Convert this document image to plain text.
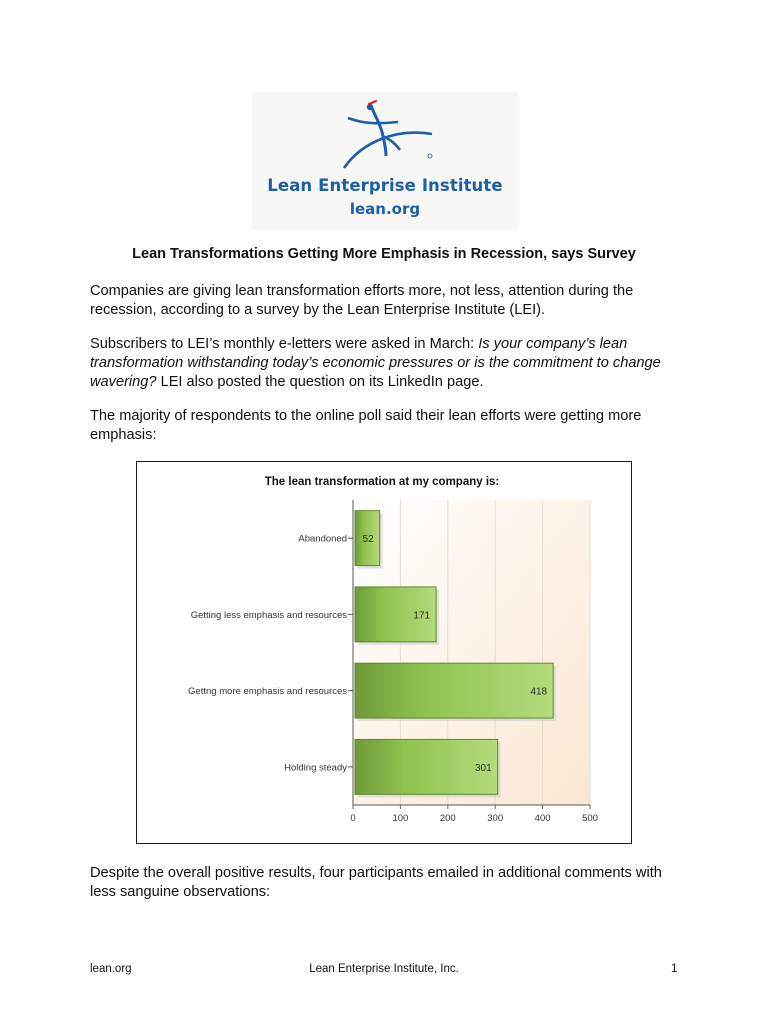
Lean Enterprise Institute
lean.org
Lean Transformations Getting More Emphasis in Recession, says Survey

Companies are giving lean transformation efforts more, not less, attention during the recession, according to a survey by the Lean Enterprise Institute (LEI).

Subscribers to LEI’s monthly e-letters were asked in March: Is your company’s lean transformation withstanding today’s economic pressures or is the commitment to change wavering? LEI also posted the question on its LinkedIn page.

The majority of respondents to the online poll said their lean efforts were getting more emphasis:

The lean transformation at my company is:
52
171
418
301
0	100	200	300	400	500
Abandoned
Getting less emphasis and resources
Gettng more emphasis and resources
Holding steady

Despite the overall positive results, four participants emailed in additional comments with less sanguine observations:

lean.org	Lean Enterprise Institute, Inc.	1
